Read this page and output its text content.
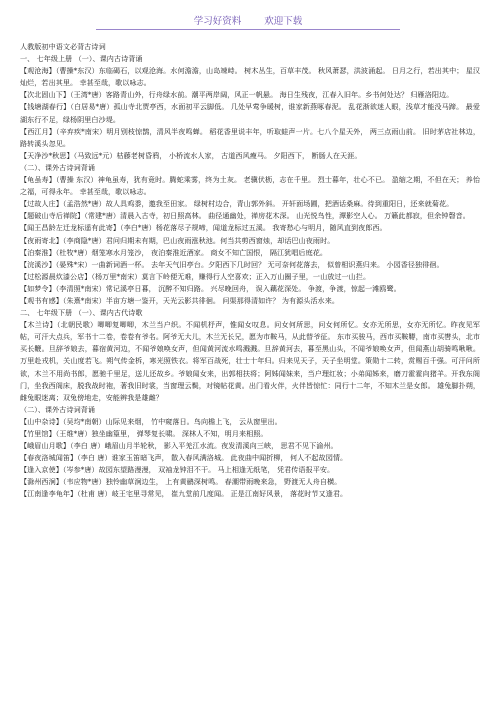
学习好资料 欢迎下载

人教版初中语文必背古诗词

一、 七年级上册 （一）、课内古诗背诵

【观沧海】（曹操*东汉）东临碣石，以观沧海。水何澹澹，山岛竦峙。 树木丛生，百草丰茂。 秋风萧瑟，洪波涌起。 日月之行，若出其中； 星汉灿烂，若出其里。 幸甚至哉，歌以咏志。

【次北固山下】（王湾*唐）客路青山外，行舟绿水前。潮平两岸阔，风正一帆悬。 海日生残夜，江春入旧年。乡书何处达？ 归雁洛阳边。

【钱塘湖春行】（白居易*唐）孤山寺北贾亭西，水面初平云脚低。 几处早莺争暖树，谁家新燕啄春泥。 乱花渐欲迷人眼，浅草才能没马蹄。 最爱湖东行不足，绿杨阴里白沙堤。

【西江月】（辛弃疾*南宋）明月别枝惊鹊，清风半夜鸣蝉。 稻花香里说丰年，听取蛙声一片。七八个星天外， 两三点雨山前。 旧时茅店社林边， 路转溪头忽见。

【天净沙*秋思】（马致远*元）枯藤老树昏鸦， 小桥流水人家， 古道西风瘦马。 夕阳西下， 断肠人在天涯。

（二）、课外古诗词背诵

【龟虽寿】（曹操 东汉）神龟虽寿，犹有竟时。腾蛇乘雾，终为土灰。 老骥伏枥，志在千里。 烈士暮年，壮心不已。 盈缩之期，不但在天； 养怡之福，可得永年。 幸甚至哉，歌以咏志。

【过故人庄】（孟浩然*唐）故人具鸡黍，邀我至田家。 绿树村边合，青山郭外斜。 开轩面场圃，把酒话桑麻。待到重阳日，还来就菊花。

【题破山寺后禅院】（常建*唐）清晨入古寺，初日照高林。 曲径通幽处，禅房花木深。 山光悦鸟性，潭影空人心。 万籁此都寂，但余钟磬音。

【闻王昌龄左迁龙标遥有此寄】（李白*唐）杨花落尽子规啼，闻道龙标过五溪。 我寄愁心与明月，随风直到夜郎西。

【夜雨寄北】（李商隐*唐）君问归期未有期，巴山夜雨涨秋池。何当共剪西窗烛，却话巴山夜雨时。

【泊秦淮】（杜牧*唐）烟笼寒水月笼沙， 夜泊秦淮近酒家。 商女不知亡国恨， 隔江犹唱后庭花。

【浣溪沙】（晏殊*宋）一曲新词酒一杯。 去年天气旧亭台。夕阳西下几时回？ 无可奈何花落去， 似曾相识燕归来。 小园香径独徘徊。

【过松源晨炊漆公店】（杨万里*南宋）莫言下岭便无难，赚得行人空喜欢；正入万山圈子里，一山放过一山拦。

【如梦令】（李清照*南宋）常记溪亭日暮， 沉醉不知归路。 兴尽晚回舟， 误入藕花深处。 争渡，争渡，惊起一滩鸥鹭。

【观书有感】（朱熹*南宋）半亩方塘一鉴开，天光云影共徘徊。 问渠那得清如许？ 为有源头活水来。

二、 七年级下册 （一）、课内古代诗歌

【木兰诗】（北朝民歌）唧唧复唧唧，木兰当户织。不闻机杼声，惟闻女叹息。问女何所思，问女何所忆。女亦无所思，女亦无所忆。昨夜见军帖，可汗大点兵，军书十二卷，卷卷有爷名。阿爷无大儿，木兰无长兄，愿为市鞍马，从此替爷征。 东市买骏马，西市买鞍鞯，南市买辔头，北市买长鞭。旦辞爷娘去，暮宿黄河边，不闻爷娘唤女声，但闻黄河流水鸣溅溅。旦辞黄河去，暮至黑山头，不闻爷娘唤女声，但闻燕山胡骑鸣啾啾。 万里赴戎机，关山度若飞。朔气传金柝，寒光照铁衣。将军百战死，壮士十年归。归来见天子，天子坐明堂。策勋十二转，赏赐百千强。可汗问所欲，木兰不用尚书郎，愿驰千里足，送儿还故乡。爷娘闻女来，出郭相扶将；阿姊闻妹来，当户理红妆；小弟闻姊来，磨刀霍霍向猪羊。开我东阁门，坐我西阁床，脱我战时袍，著我旧时裳，当窗理云鬓，对镜帖花黄。出门看火伴，火伴皆惊忙：同行十二年，不知木兰是女郎。 雄兔脚扑朔，雌兔眼迷离；双兔傍地走，安能辨我是雄雌？

（二）、课外古诗词背诵

【山中杂诗】（吴均*南朝）山际见来烟， 竹中窥落日。鸟向檐上飞， 云从窗里出。

【竹里馆】（王维*唐）独坐幽篁里， 弹琴复长啸。 深林人不知，明月来相照。

【峨眉山月歌】（李白 唐）峨眉山月半轮秋， 影入平羌江水流。夜发清溪向三峡， 思君不见下渝州。

【春夜洛城闻笛】（李白 唐）谁家玉笛暗飞声， 散入春风满洛城。 此夜曲中闻折柳， 何人不起故园情。

【逢入京使】（岑参*唐）故园东望路漫漫， 双袖龙钟泪不干。 马上相逢无纸笔， 凭君传语报平安。

【滁州西涧】（韦应物*唐）独怜幽草涧边生， 上有黄鹂深树鸣。 春潮带雨晚来急， 野渡无人舟自横。

【江南逢李龟年】（杜甫 唐）岐王宅里寻常见， 崔九堂前几度闻。 正是江南好风景， 落花时节又逢君。
